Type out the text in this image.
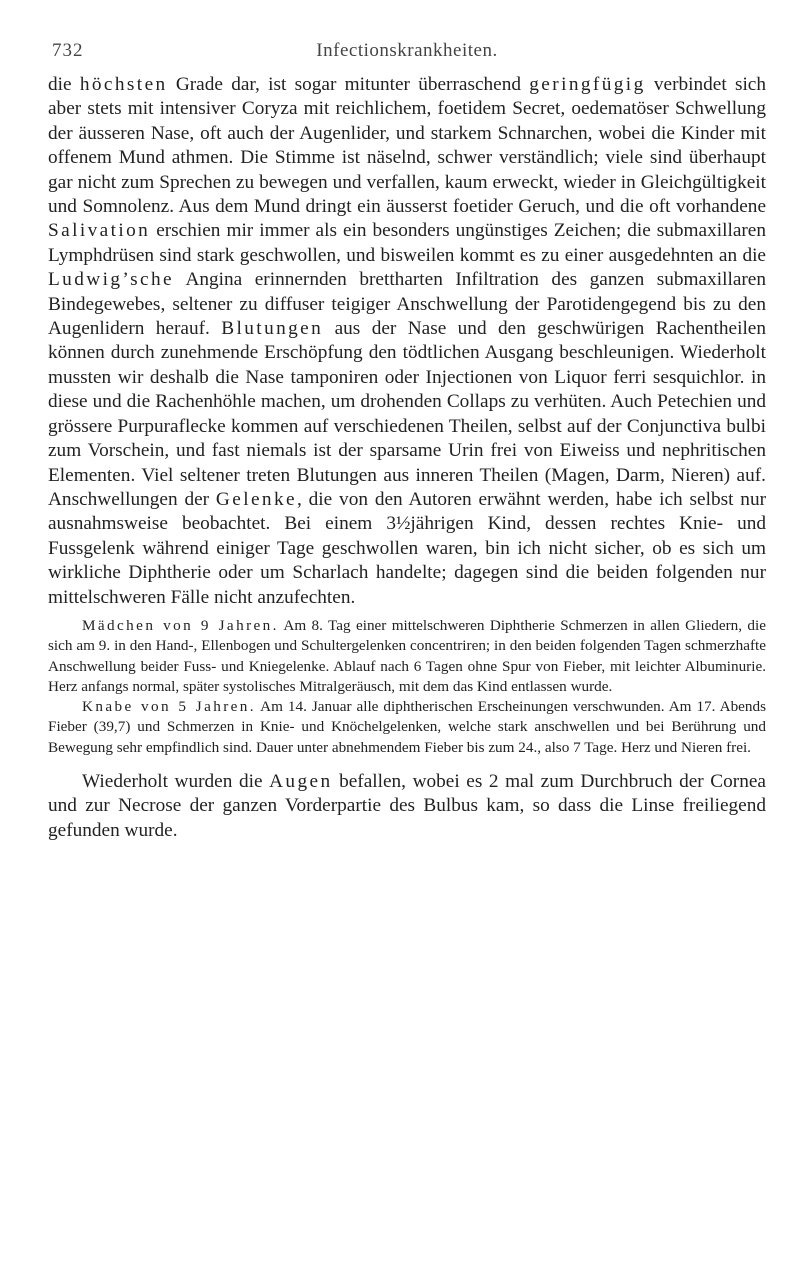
732	Infectionskrankheiten.

die höchsten Grade dar, ist sogar mitunter überraschend geringfügig verbindet sich aber stets mit intensiver Coryza mit reichlichem, foetidem Secret, oedematöser Schwellung der äusseren Nase, oft auch der Augenlider, und starkem Schnarchen, wobei die Kinder mit offenem Mund athmen. Die Stimme ist näselnd, schwer verständlich; viele sind überhaupt gar nicht zum Sprechen zu bewegen und verfallen, kaum erweckt, wieder in Gleichgültigkeit und Somnolenz. Aus dem Mund dringt ein äusserst foetider Geruch, und die oft vorhandene Salivation erschien mir immer als ein besonders ungünstiges Zeichen; die submaxillaren Lymphdrüsen sind stark geschwollen, und bisweilen kommt es zu einer ausgedehnten an die Ludwig’sche Angina erinnernden brettharten Infiltration des ganzen submaxillaren Bindegewebes, seltener zu diffuser teigiger Anschwellung der Parotidengegend bis zu den Augenlidern herauf. Blutungen aus der Nase und den geschwürigen Rachentheilen können durch zunehmende Erschöpfung den tödtlichen Ausgang beschleunigen. Wiederholt mussten wir deshalb die Nase tamponiren oder Injectionen von Liquor ferri sesquichlor. in diese und die Rachenhöhle machen, um drohenden Collaps zu verhüten. Auch Petechien und grössere Purpuraflecke kommen auf verschiedenen Theilen, selbst auf der Conjunctiva bulbi zum Vorschein, und fast niemals ist der sparsame Urin frei von Eiweiss und nephritischen Elementen. Viel seltener treten Blutungen aus inneren Theilen (Magen, Darm, Nieren) auf. Anschwellungen der Gelenke, die von den Autoren erwähnt werden, habe ich selbst nur ausnahmsweise beobachtet. Bei einem 3½jährigen Kind, dessen rechtes Knie- und Fussgelenk während einiger Tage geschwollen waren, bin ich nicht sicher, ob es sich um wirkliche Diphtherie oder um Scharlach handelte; dagegen sind die beiden folgenden nur mittelschweren Fälle nicht anzufechten.

Mädchen von 9 Jahren. Am 8. Tag einer mittelschweren Diphtherie Schmerzen in allen Gliedern, die sich am 9. in den Hand-, Ellenbogen und Schultergelenken concentriren; in den beiden folgenden Tagen schmerzhafte Anschwellung beider Fuss- und Kniegelenke. Ablauf nach 6 Tagen ohne Spur von Fieber, mit leichter Albuminurie. Herz anfangs normal, später systolisches Mitralgeräusch, mit dem das Kind entlassen wurde.

Knabe von 5 Jahren. Am 14. Januar alle diphtherischen Erscheinungen verschwunden. Am 17. Abends Fieber (39,7) und Schmerzen in Knie- und Knöchelgelenken, welche stark anschwellen und bei Berührung und Bewegung sehr empfindlich sind. Dauer unter abnehmendem Fieber bis zum 24., also 7 Tage. Herz und Nieren frei.

Wiederholt wurden die Augen befallen, wobei es 2 mal zum Durchbruch der Cornea und zur Necrose der ganzen Vorderpartie des Bulbus kam, so dass die Linse freiliegend gefunden wurde.
